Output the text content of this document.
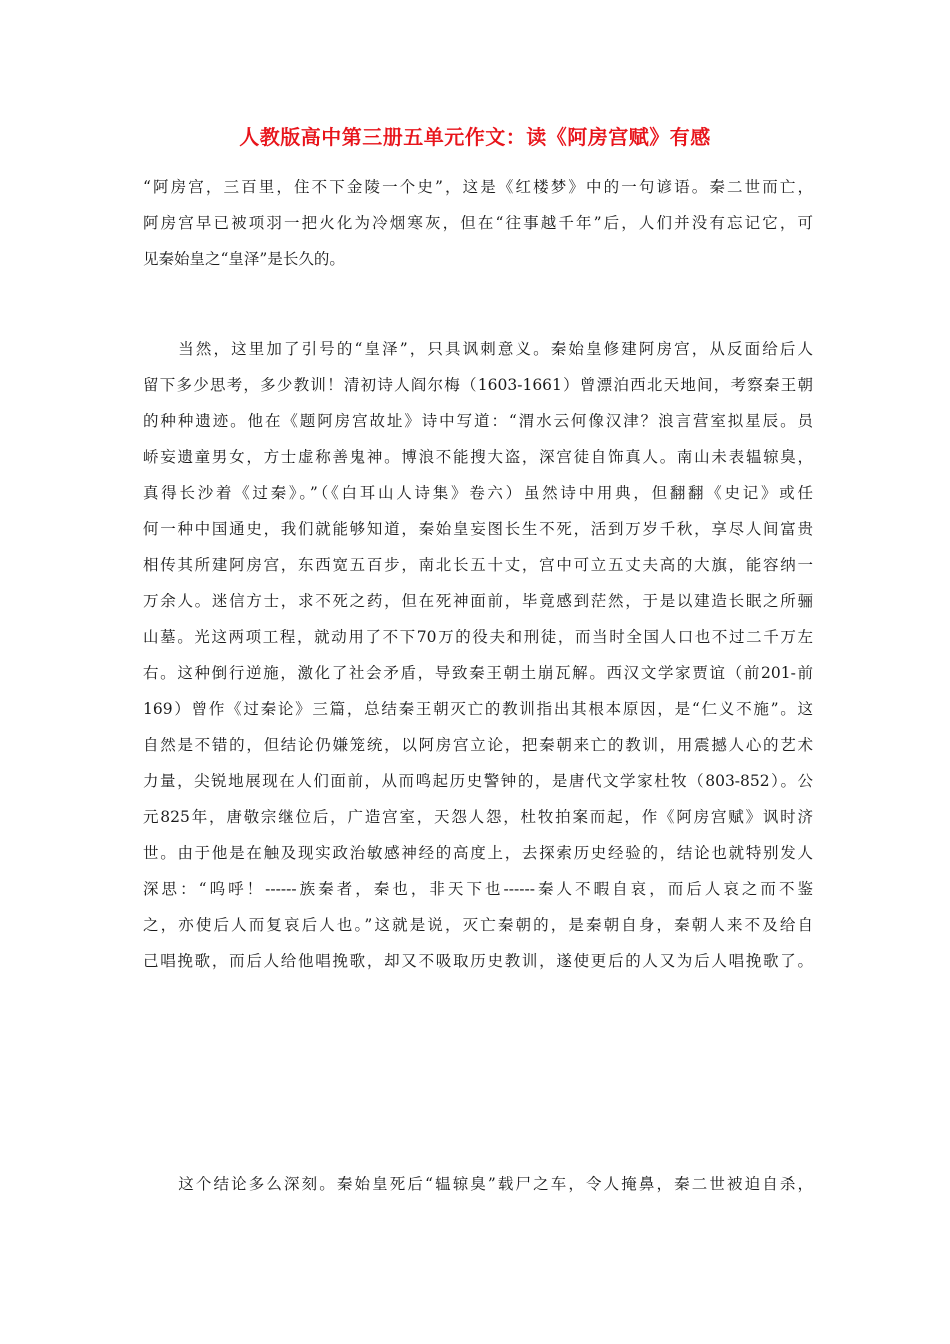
人教版高中第三册五单元作文：读《阿房宫赋》有感
“阿房宫，三百里，住不下金陵一个史”，这是《红楼梦》中的一句谚语。秦二世而亡，
阿房宫早已被项羽一把火化为冷烟寒灰，但在“往事越千年”后，人们并没有忘记它，可
见秦始皇之“皇泽”是长久的。
　　当然，这里加了引号的“皇泽”，只具讽刺意义。秦始皇修建阿房宫，从反面给后人
留下多少思考，多少教训！清初诗人阎尔梅（1603-1661）曾漂泊西北天地间，考察秦王朝
的种种遗迹。他在《题阿房宫故址》诗中写道：“渭水云何像汉津？浪言营室拟星辰。员
峤妄遗童男女，方士虚称善鬼神。博浪不能搜大盗，深宫徒自饰真人。南山未表辒辌臭，
真得长沙着《过秦》。”（《白耳山人诗集》卷六）虽然诗中用典，但翻翻《史记》或任
何一种中国通史，我们就能够知道，秦始皇妄图长生不死，活到万岁千秋，享尽人间富贵
相传其所建阿房宫，东西宽五百步，南北长五十丈，宫中可立五丈夫高的大旗，能容纳一
万余人。迷信方士，求不死之药，但在死神面前，毕竟感到茫然，于是以建造长眠之所骊
山墓。光这两项工程，就动用了不下70万的役夫和刑徒，而当时全国人口也不过二千万左
右。这种倒行逆施，激化了社会矛盾，导致秦王朝土崩瓦解。西汉文学家贾谊（前201-前
169）曾作《过秦论》三篇，总结秦王朝灭亡的教训指出其根本原因，是“仁义不施”。这
自然是不错的，但结论仍嫌笼统，以阿房宫立论，把秦朝来亡的教训，用震撼人心的艺术
力量，尖锐地展现在人们面前，从而鸣起历史警钟的，是唐代文学家杜牧（803-852）。公
元825年，唐敬宗继位后，广造宫室，天怨人怨，杜牧拍案而起，作《阿房宫赋》讽时济
世。由于他是在触及现实政治敏感神经的高度上，去探索历史经验的，结论也就特别发人
深思：“呜呼！------族秦者，秦也，非天下也------秦人不暇自哀，而后人哀之而不鉴
之，亦使后人而复哀后人也。”这就是说，灭亡秦朝的，是秦朝自身，秦朝人来不及给自
己唱挽歌，而后人给他唱挽歌，却又不吸取历史教训，遂使更后的人又为后人唱挽歌了。
　　这个结论多么深刻。秦始皇死后“辒辌臭”载尸之车，令人掩鼻，秦二世被迫自杀，
